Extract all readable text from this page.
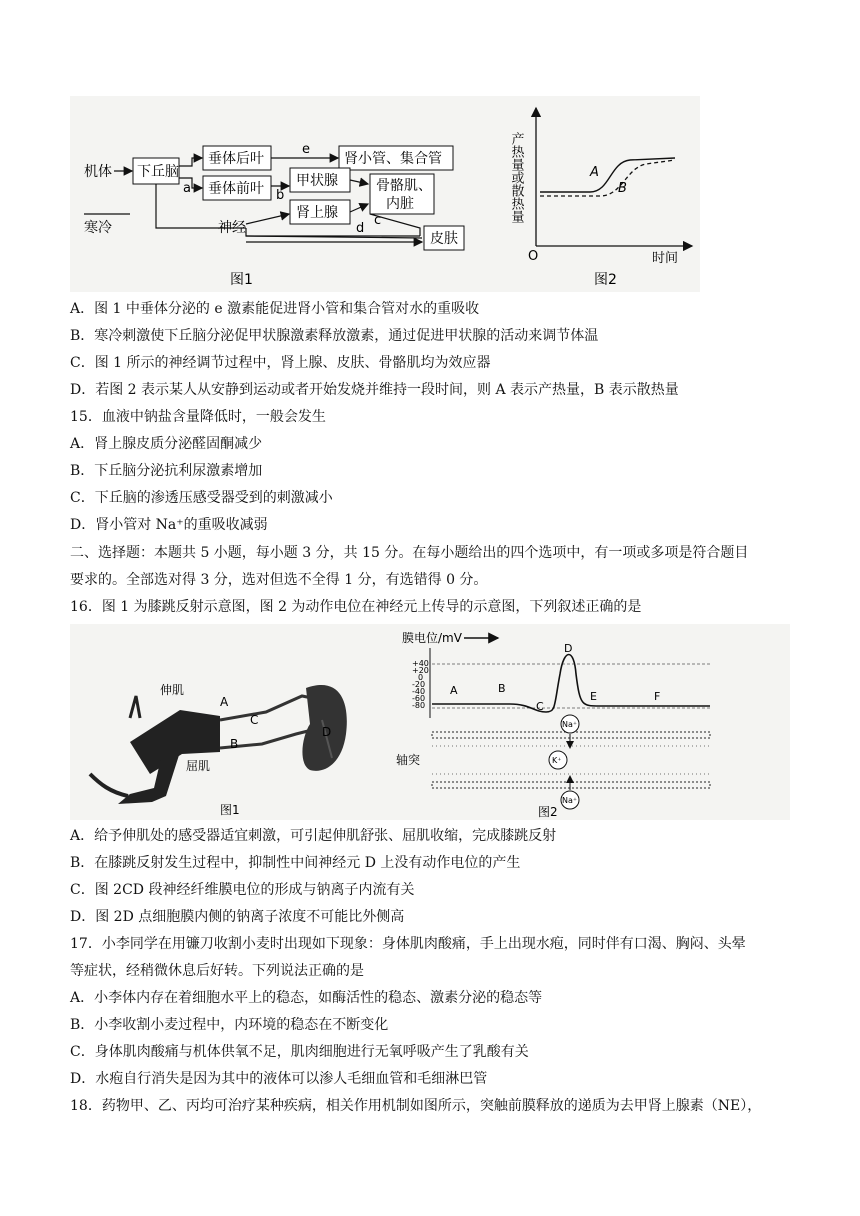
机体 下丘脑
垂体后叶
e
肾小管、集合管
a 垂体前叶 b
甲状腺	骨骼肌、
内脏
c
肾上腺
神经	d
皮肤
寒冷
图1
产热量或散热量
时间
O
A
B
图2
A．图 1 中垂体分泌的 e 激素能促进肾小管和集合管对水的重吸收
B．寒冷刺激使下丘脑分泌促甲状腺激素释放激素，通过促进甲状腺的活动来调节体温
C．图 1 所示的神经调节过程中，肾上腺、皮肤、骨骼肌均为效应器
D．若图 2 表示某人从安静到运动或者开始发烧并维持一段时间，则 A 表示产热量，B 表示散热量
15．血液中钠盐含量降低时，一般会发生
A．肾上腺皮质分泌醛固酮减少
B．下丘脑分泌抗利尿激素增加
C．下丘脑的渗透压感受器受到的刺激减小
D．肾小管对 Na⁺的重吸收减弱
二、选择题：本题共 5 小题，每小题 3 分，共 15 分。在每小题给出的四个选项中，有一项或多项是符合题目
要求的。全部选对得 3 分，选对但选不全得 1 分，有选错得 0 分。
16．图 1 为膝跳反射示意图，图 2 为动作电位在神经元上传导的示意图，下列叙述正确的是
伸肌
屈肌
A
B
C
D
图1
膜电位/mV
+40
+20
0
-20
-40
-60
-80
A	B
C
D
E	F
轴突
Na⁺
K⁺
Na⁺
图2
A．给予伸肌处的感受器适宜刺激，可引起伸肌舒张、屈肌收缩，完成膝跳反射
B．在膝跳反射发生过程中，抑制性中间神经元 D 上没有动作电位的产生
C．图 2CD 段神经纤维膜电位的形成与钠离子内流有关
D．图 2D 点细胞膜内侧的钠离子浓度不可能比外侧高
17．小李同学在用镰刀收割小麦时出现如下现象：身体肌肉酸痛，手上出现水疱，同时伴有口渴、胸闷、头晕
等症状，经稍微休息后好转。下列说法正确的是
A．小李体内存在着细胞水平上的稳态，如酶活性的稳态、激素分泌的稳态等
B．小李收割小麦过程中，内环境的稳态在不断变化
C．身体肌肉酸痛与机体供氧不足，肌肉细胞进行无氧呼吸产生了乳酸有关
D．水疱自行消失是因为其中的液体可以渗人毛细血管和毛细淋巴管
18．药物甲、乙、丙均可治疗某种疾病，相关作用机制如图所示，突触前膜释放的递质为去甲肾上腺素（NE），
